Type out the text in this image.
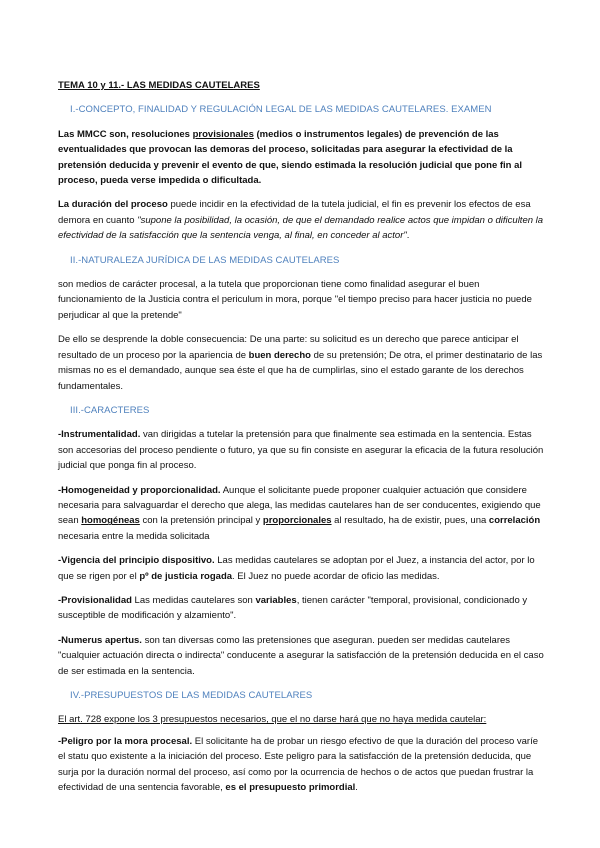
TEMA 10 y 11.- LAS MEDIDAS CAUTELARES
I.-CONCEPTO, FINALIDAD Y REGULACIÓN LEGAL DE LAS MEDIDAS CAUTELARES. EXAMEN

Las MMCC son, resoluciones provisionales (medios o instrumentos legales) de prevención de las eventualidades que provocan las demoras del proceso, solicitadas para asegurar la efectividad de la pretensión deducida y prevenir el evento de que, siendo estimada la resolución judicial que pone fin al proceso, pueda verse impedida o dificultada.

La duración del proceso puede incidir en la efectividad de la tutela judicial, el fin es prevenir los efectos de esa demora en cuanto "supone la posibilidad, la ocasión, de que el demandado realice actos que impidan o dificulten la efectividad de la satisfacción que la sentencia venga, al final, en conceder al actor".

II.-NATURALEZA JURÍDICA DE LAS MEDIDAS CAUTELARES

son medios de carácter procesal, a la tutela que proporcionan tiene como finalidad asegurar el buen funcionamiento de la Justicia contra el periculum in mora, porque "el tiempo preciso para hacer justicia no puede perjudicar al que la pretende"

De ello se desprende la doble consecuencia: De una parte: su solicitud es un derecho que parece anticipar el resultado de un proceso por la apariencia de buen derecho de su pretensión; De otra, el primer destinatario de las mismas no es el demandado, aunque sea éste el que ha de cumplirlas, sino el estado garante de los derechos fundamentales.

III.-CARACTERES

-Instrumentalidad. van dirigidas a tutelar la pretensión para que finalmente sea estimada en la sentencia. Estas son accesorias del proceso pendiente o futuro, ya que su fin consiste en asegurar la eficacia de la futura resolución judicial que ponga fin al proceso.

-Homogeneidad y proporcionalidad. Aunque el solicitante puede proponer cualquier actuación que considere necesaria para salvaguardar el derecho que alega, las medidas cautelares han de ser conducentes, exigiendo que sean homogéneas con la pretensión principal y proporcionales al resultado, ha de existir, pues, una correlación necesaria entre la medida solicitada

-Vigencia del principio dispositivo. Las medidas cautelares se adoptan por el Juez, a instancia del actor, por lo que se rigen por el pº de justicia rogada. El Juez no puede acordar de oficio las medidas.

-Provisionalidad Las medidas cautelares son variables, tienen carácter "temporal, provisional, condicionado y susceptible de modificación y alzamiento".

-Numerus apertus. son tan diversas como las pretensiones que aseguran. pueden ser medidas cautelares "cualquier actuación directa o indirecta" conducente a asegurar la satisfacción de la pretensión deducida en el caso de ser estimada en la sentencia.

IV.-PRESUPUESTOS DE LAS MEDIDAS CAUTELARES

El art. 728 expone los 3 presupuestos necesarios, que el no darse hará que no haya medida cautelar:

-Peligro por la mora procesal. El solicitante ha de probar un riesgo efectivo de que la duración del proceso varíe el statu quo existente a la iniciación del proceso. Este peligro para la satisfacción de la pretensión deducida, que surja por la duración normal del proceso, así como por la ocurrencia de hechos o de actos que puedan frustrar la efectividad de una sentencia favorable, es el presupuesto primordial.
